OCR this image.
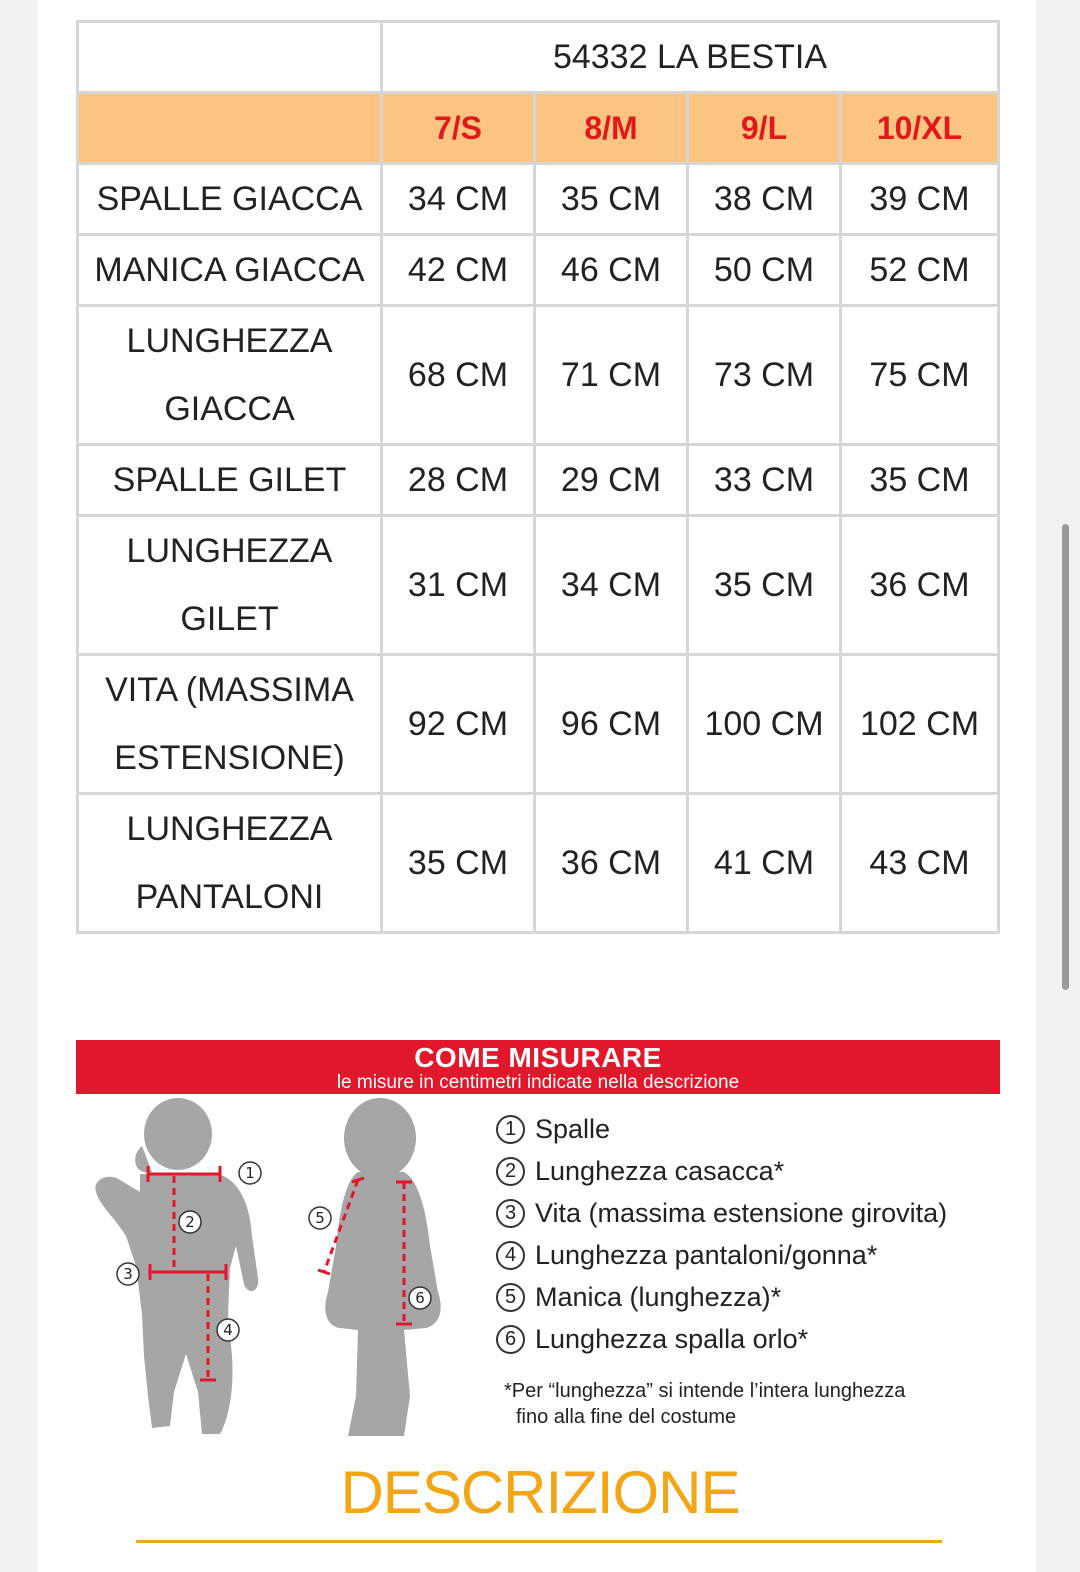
	54332 LA BESTIA			
	7/S	8/M	9/L	10/XL
SPALLE GIACCA	34 CM	35 CM	38 CM	39 CM
MANICA GIACCA	42 CM	46 CM	50 CM	52 CM
LUNGHEZZA
GIACCA	68 CM	71 CM	73 CM	75 CM
SPALLE GILET	28 CM	29 CM	33 CM	35 CM
LUNGHEZZA
GILET	31 CM	34 CM	35 CM	36 CM
VITA (MASSIMA
ESTENSIONE)	92 CM	96 CM	100 CM	102 CM
LUNGHEZZA
PANTALONI	35 CM	36 CM	41 CM	43 CM
COME MISURARE
le misure in centimetri indicate nella descrizione
1
2
3
4
5
6
1 Spalle
2 Lunghezza casacca*
3 Vita (massima estensione girovita)
4 Lunghezza pantaloni/gonna*
5 Manica (lunghezza)*
6 Lunghezza spalla orlo*
*Per “lunghezza” si intende l’intera lunghezza
fino alla fine del costume
DESCRIZIONE
